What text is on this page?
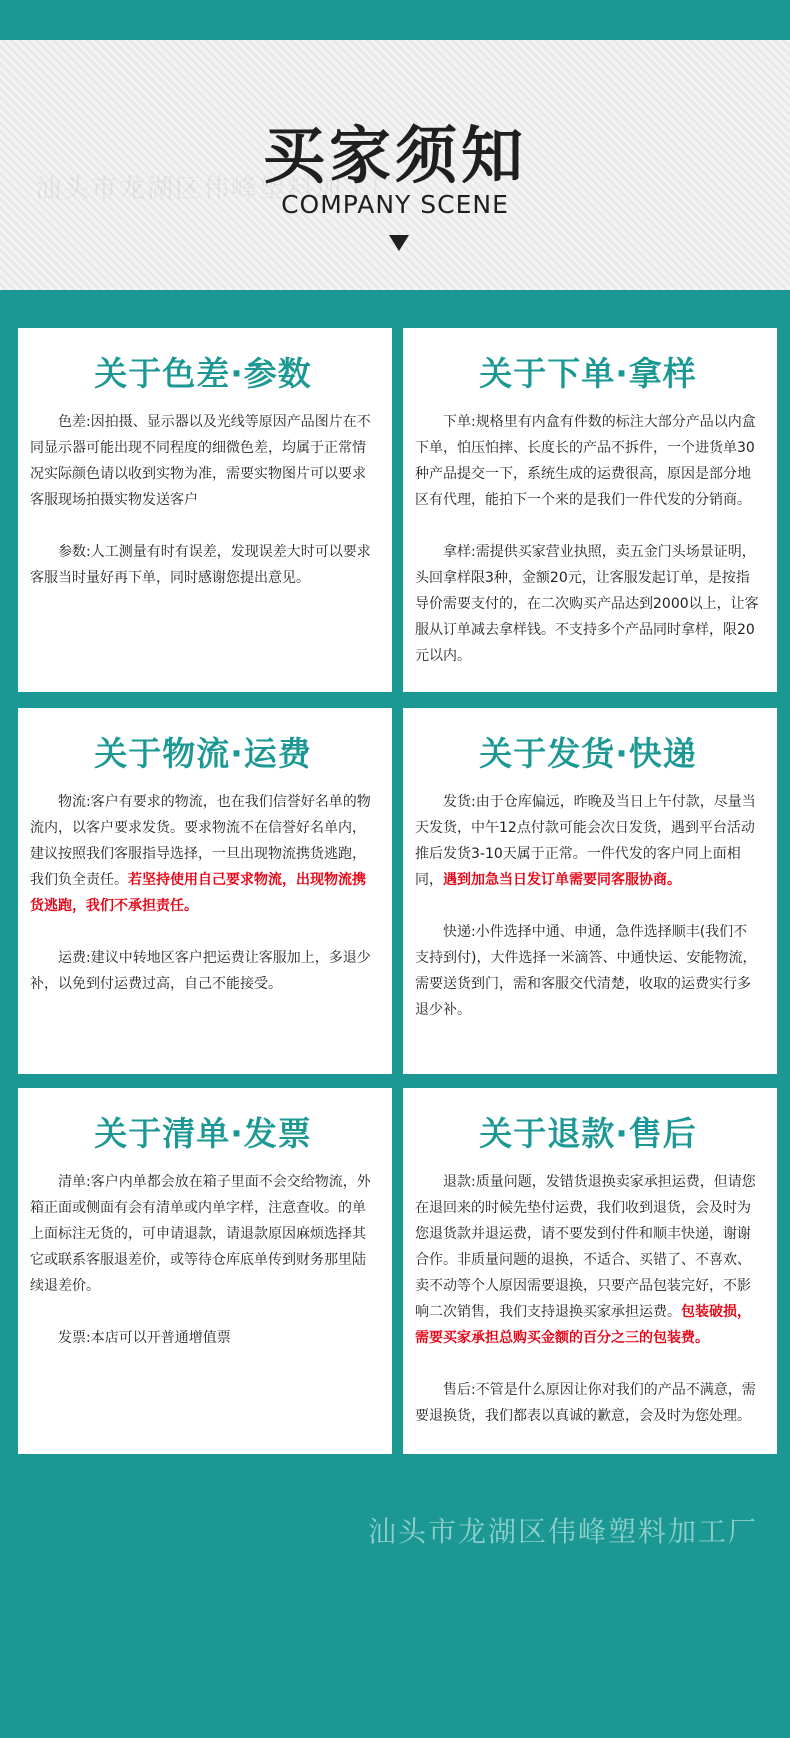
汕头市龙湖区伟峰塑料加工厂
买家须知
COMPANY SCENE
关于色差·参数

色差:因拍摄、显示器以及光线等原因产品图片在不同显示器可能出现不同程度的细微色差，均属于正常情况实际颜色请以收到实物为准，需要实物图片可以要求客服现场拍摄实物发送客户

参数:人工测量有时有误差，发现误差大时可以要求客服当时量好再下单，同时感谢您提出意见。

关于下单·拿样

下单:规格里有内盒有件数的标注大部分产品以内盒下单，怕压怕摔、长度长的产品不拆件，一个进货单30种产品提交一下，系统生成的运费很高，原因是部分地区有代理，能拍下一个来的是我们一件代发的分销商。

拿样:需提供买家营业执照，卖五金门头场景证明，头回拿样限3种，金额20元，让客服发起订单，是按指导价需要支付的，在二次购买产品达到2000以上，让客服从订单减去拿样钱。不支持多个产品同时拿样，限20元以内。

关于物流·运费

物流:客户有要求的物流，也在我们信誉好名单的物流内，以客户要求发货。要求物流不在信誉好名单内，建议按照我们客服指导选择，一旦出现物流携货逃跑，我们负全责任。若坚持使用自己要求物流，出现物流携货逃跑，我们不承担责任。

运费:建议中转地区客户把运费让客服加上，多退少补，以免到付运费过高，自己不能接受。

关于发货·快递

发货:由于仓库偏远，昨晚及当日上午付款，尽量当天发货，中午12点付款可能会次日发货，遇到平台活动推后发货3-10天属于正常。一件代发的客户同上面相同，遇到加急当日发订单需要同客服协商。

快递:小件选择中通、申通，急件选择顺丰(我们不支持到付)，大件选择一米滴答、中通快运、安能物流，需要送货到门，需和客服交代清楚，收取的运费实行多退少补。

关于清单·发票

清单:客户内单都会放在箱子里面不会交给物流，外箱正面或侧面有会有清单或内单字样，注意查收。的单上面标注无货的，可申请退款，请退款原因麻烦选择其它或联系客服退差价，或等待仓库底单传到财务那里陆续退差价。

发票:本店可以开普通增值票

关于退款·售后

退款:质量问题，发错货退换卖家承担运费，但请您在退回来的时候先垫付运费，我们收到退货，会及时为您退货款并退运费，请不要发到付件和顺丰快递，谢谢合作。非质量问题的退换，不适合、买错了、不喜欢、卖不动等个人原因需要退换，只要产品包装完好，不影响二次销售，我们支持退换买家承担运费。包装破损，需要买家承担总购买金额的百分之三的包装费。

售后:不管是什么原因让你对我们的产品不满意，需要退换货，我们都表以真诚的歉意，会及时为您处理。

汕头市龙湖区伟峰塑料加工厂
